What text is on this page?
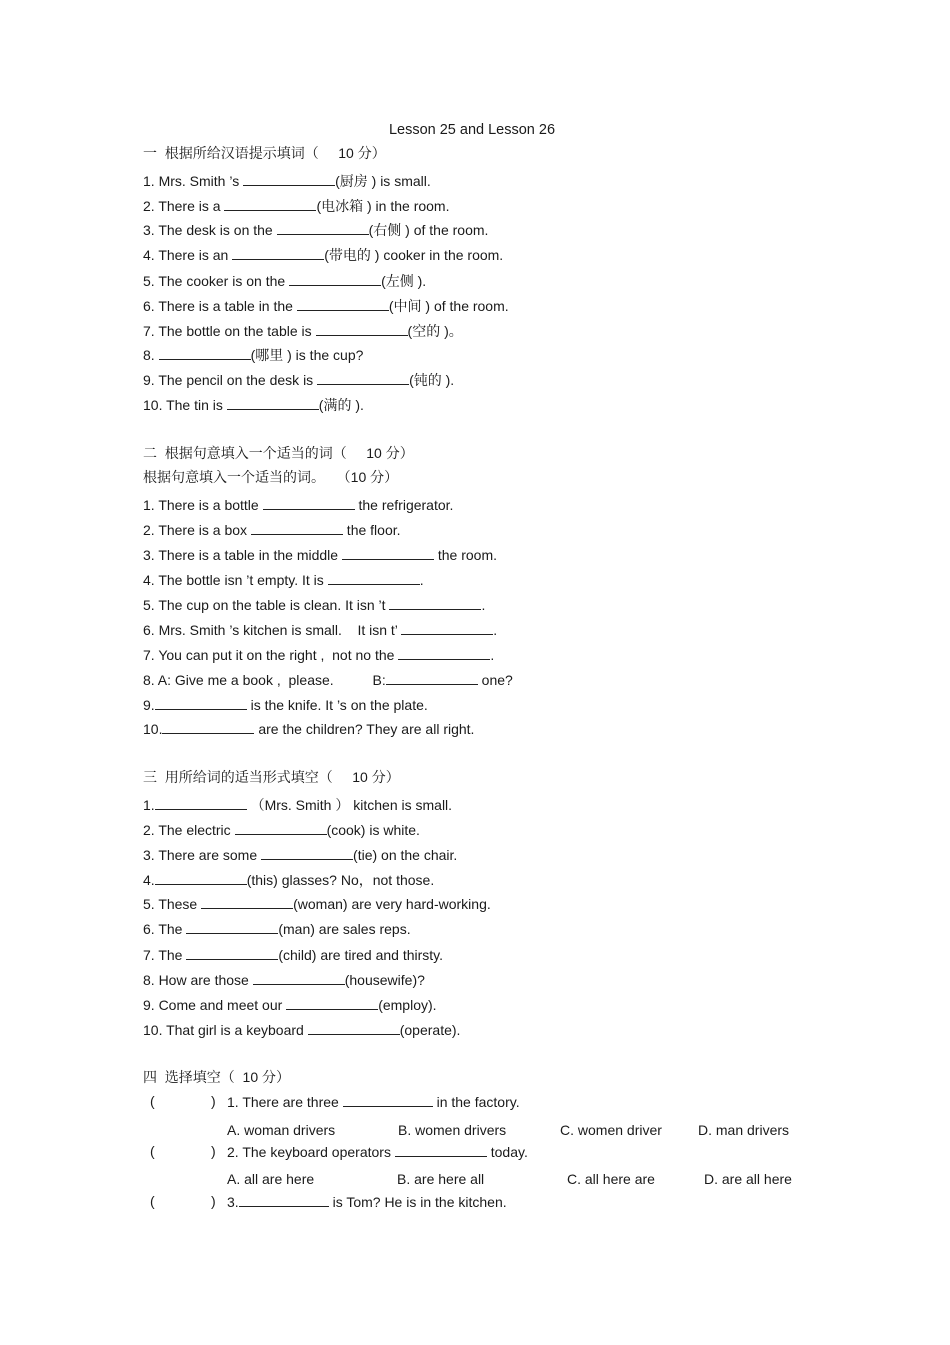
Lesson 25 and Lesson 26
一  根据所给汉语提示填词（     10 分）
1. Mrs. Smith ’s	(厨房 ) is small.
2. There is a	(电冰箱 ) in the room.
3. The desk is on the	(右侧 ) of the room.
4. There is an	(带电的 ) cooker in the room.
5. The cooker is on the	(左侧 ).
6. There is a table in the	(中间 ) of the room.
7. The bottle on the table is	(空的 )。
8.	(哪里 ) is the cup?
9. The pencil on the desk is	(钝的 ).
10. The tin is	(满的 ).
二  根据句意填入一个适当的词（     10 分）
根据句意填入一个适当的词。   （10 分）
1. There is a bottle	the refrigerator.
2. There is a box	the floor.
3. There is a table in the middle	the room.
4. The bottle isn ’t empty. It is	.
5. The cup on the table is clean. It isn ’t	.
6. Mrs. Smith ’s kitchen is small.    It isn t’	.
7. You can put it on the right ,  not no the	.
8. A: Give me a book ,  please.          B:	one?
9.	is the knife. It ’s on the plate.
10.	are the children? They are all right.
三  用所给词的适当形式填空（     10 分）
1.	（Mrs. Smith ） kitchen is small.
2. The electric	(cook) is white.
3. There are some	(tie) on the chair.
4.	(this) glasses? No，not those.
5. These	(woman) are very hard-working.
6. The	(man) are sales reps.
7. The	(child) are tired and thirsty.
8. How are those	(housewife)?
9. Come and meet our	(employ).
10. That girl is a keyboard	(operate).
四  选择填空（  10 分）
(	) 1. There are three	in the factory.
A. woman drivers	B. women drivers	C. women driver	D. man drivers
(	) 2. The keyboard operators	today.
A. all are here	B. are here all	C. all here are	D. are all here
(	) 3.	is Tom? He is in the kitchen.
